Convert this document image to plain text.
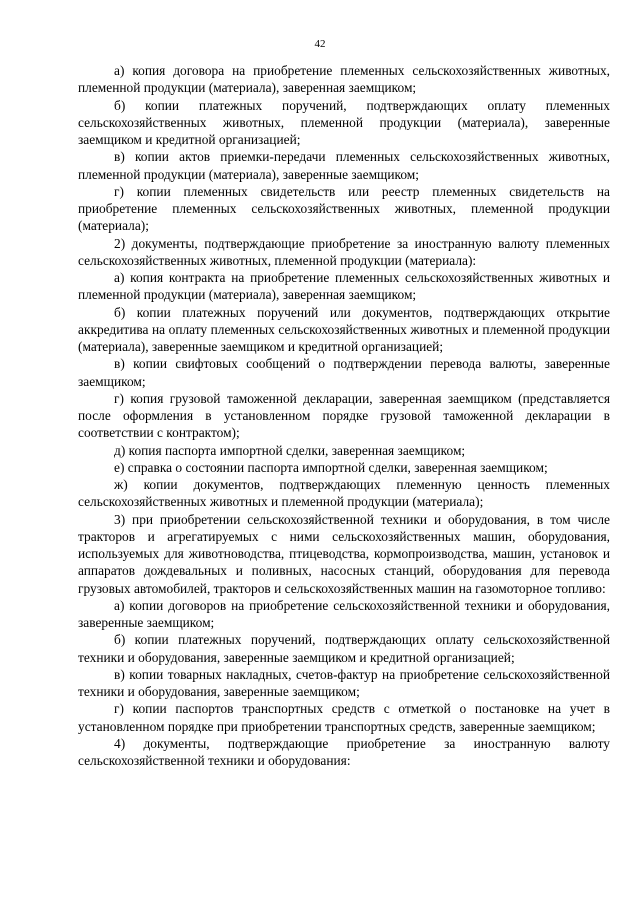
42

а) копия договора на приобретение племенных сельскохозяйственных животных, племенной продукции (материала), заверенная заемщиком;

б) копии платежных поручений, подтверждающих оплату племенных сельскохозяйственных животных, племенной продукции (материала), заверенные заемщиком и кредитной организацией;

в) копии актов приемки-передачи племенных сельскохозяйственных животных, племенной продукции (материала), заверенные заемщиком;

г) копии племенных свидетельств или реестр племенных свидетельств на приобретение племенных сельскохозяйственных животных, племенной продукции (материала);

2) документы, подтверждающие приобретение за иностранную валюту племенных сельскохозяйственных животных, племенной продукции (материала):

а) копия контракта на приобретение племенных сельскохозяйственных животных и племенной продукции (материала), заверенная заемщиком;

б) копии платежных поручений или документов, подтверждающих открытие аккредитива на оплату племенных сельскохозяйственных животных и племенной продукции (материала), заверенные заемщиком и кредитной организацией;

в) копии свифтовых сообщений о подтверждении перевода валюты, заверенные заемщиком;

г) копия грузовой таможенной декларации, заверенная заемщиком (представляется после оформления в установленном порядке грузовой таможенной декларации в соответствии с контрактом);

д) копия паспорта импортной сделки, заверенная заемщиком;

е) справка о состоянии паспорта импортной сделки, заверенная заемщиком;

ж) копии документов, подтверждающих племенную ценность племенных сельскохозяйственных животных и племенной продукции (материала);

3) при приобретении сельскохозяйственной техники и оборудования, в том числе тракторов и агрегатируемых с ними сельскохозяйственных машин, оборудования, используемых для животноводства, птицеводства, кормопроизводства, машин, установок и аппаратов дождевальных и поливных, насосных станций, оборудования для перевода грузовых автомобилей, тракторов и сельскохозяйственных машин на газомоторное топливо:

а) копии договоров на приобретение сельскохозяйственной техники и оборудования, заверенные заемщиком;

б) копии платежных поручений, подтверждающих оплату сельскохозяйственной техники и оборудования, заверенные заемщиком и кредитной организацией;

в) копии товарных накладных, счетов-фактур на приобретение сельскохозяйственной техники и оборудования, заверенные заемщиком;

г) копии паспортов транспортных средств с отметкой о постановке на учет в установленном порядке при приобретении транспортных средств, заверенные заемщиком;

4) документы, подтверждающие приобретение за иностранную валюту сельскохозяйственной техники и оборудования:
